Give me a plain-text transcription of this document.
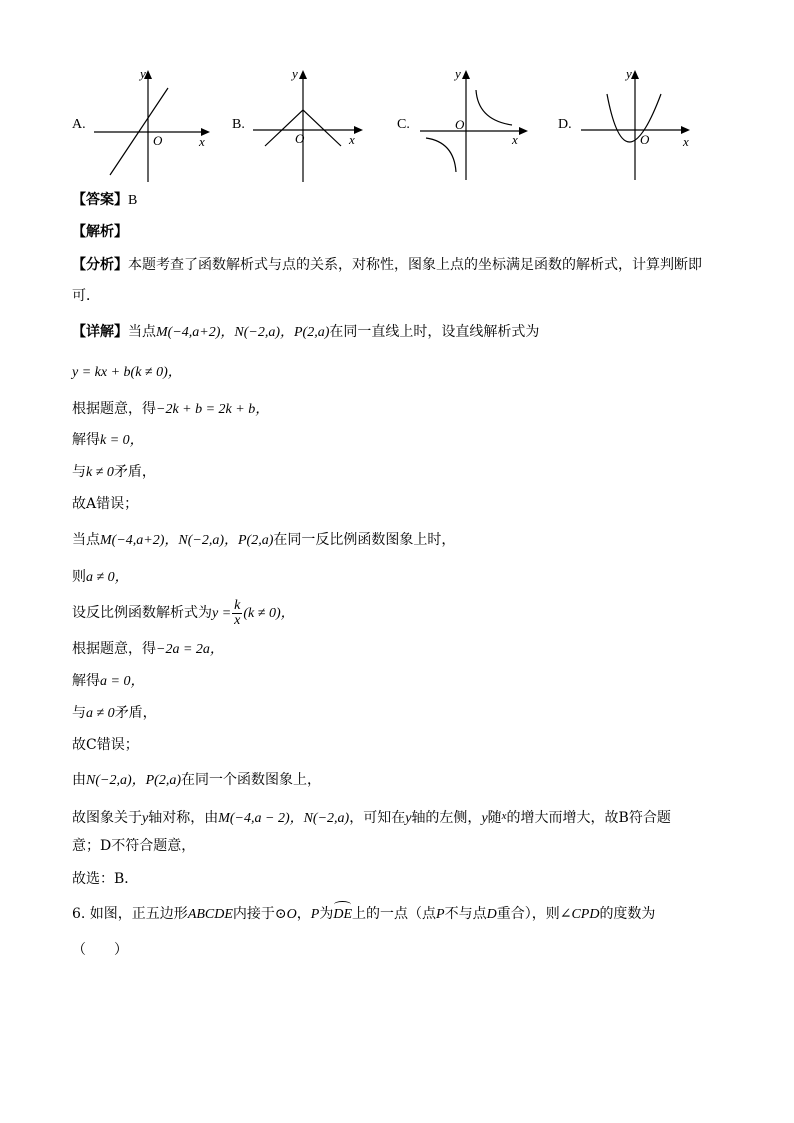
A.
y
x
O
B.
y
x
O
C.
y
x
O	D.
y
x
O
【答案】B
【解析】
【分析】本题考查了函数解析式与点的关系，对称性，图象上点的坐标满足函数的解析式，计算判断即
可．
【详解】当点M(−4,a+2)，N(−2,a)，P(2,a)在同一直线上时，设直线解析式为
y = kx + b(k ≠ 0)，
根据题意，得−2k + b = 2k + b，
解得k = 0，
与k ≠ 0矛盾，
故A错误；
当点M(−4,a+2)，N(−2,a)，P(2,a)在同一反比例函数图象上时，
则a ≠ 0，
设反比例函数解析式为$y = \frac{k}{x} (k \ne 0)$，
根据题意，得−2a = 2a，
解得a = 0，
与a ≠ 0矛盾，
故C错误；
由N(−2,a)，P(2,a)在同一个函数图象上，
故图象关于y轴对称，由M(−4,a − 2)，N(−2,a)，可知在y轴的左侧，y随$^x$的增大而增大，故B符合题
意；D不符合题意，
故选：B．
6. 如图，正五边形ABCDE内接于⊙O，P为DE上的一点（点P不与点D重合），则∠CPD的度数为
（　　）
